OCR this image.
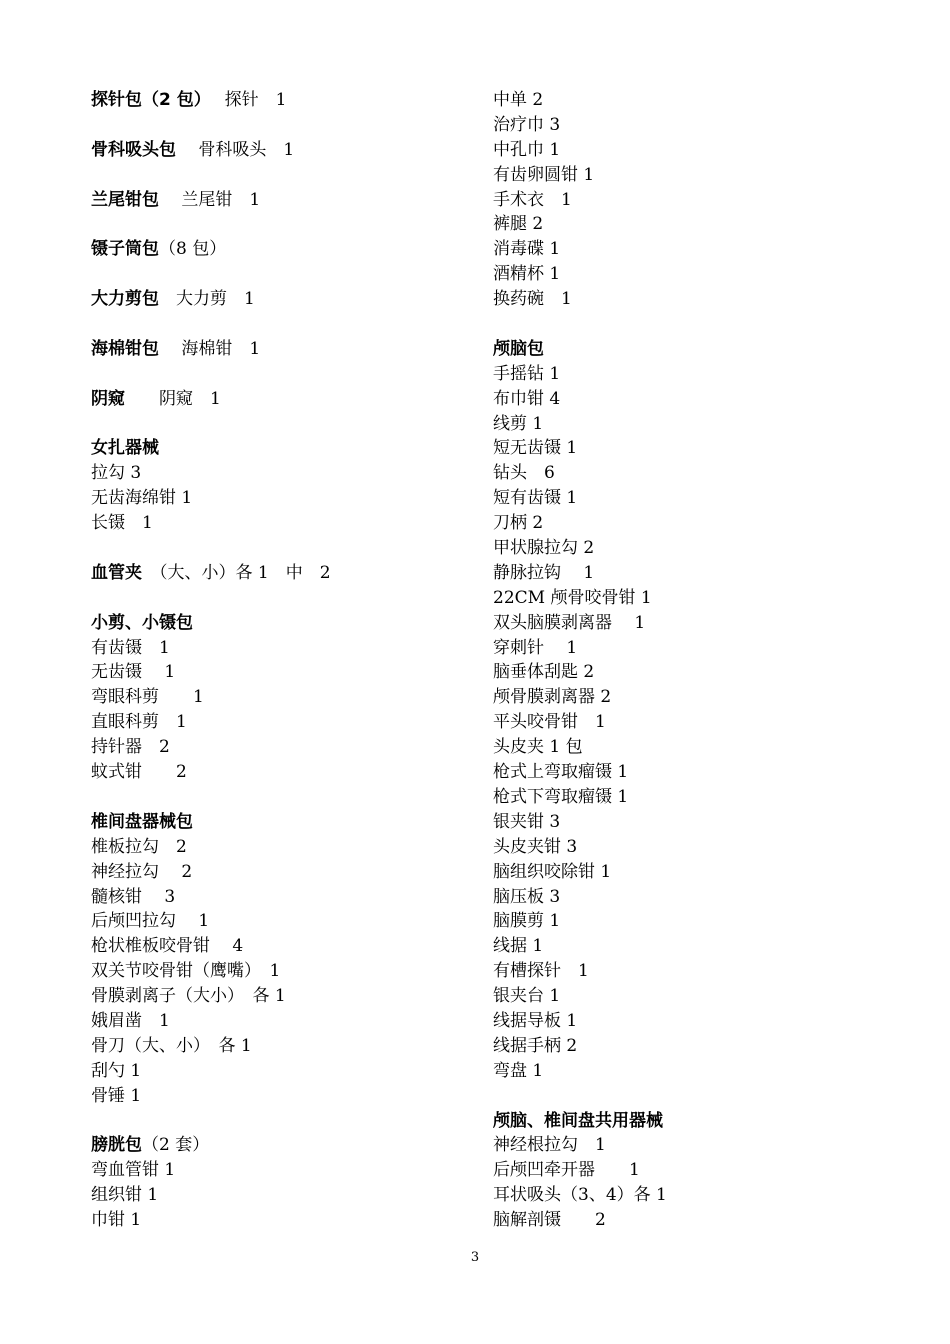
探针包（2 包）　 探针　1
骨科吸头包　 骨科吸头　1
兰尾钳包　 兰尾钳　1
镊子筒包（8 包）
大力剪包　大力剪　1
海棉钳包　 海棉钳　1
阴窥　　阴窥　1
女扎器械
拉勾 3
无齿海绵钳 1
长镊　1
血管夹　（大、小）各 1　中　2
小剪、小镊包
有齿镊　1
无齿镊　 1
弯眼科剪　　1
直眼科剪　1
持针器　2
蚊式钳　　2
椎间盘器械包
椎板拉勾　2
神经拉勾　 2
髓核钳　 3
后颅凹拉勾　 1
枪状椎板咬骨钳　 4
双关节咬骨钳（鹰嘴）　1
骨膜剥离子（大小）　各 1
娥眉凿　1
骨刀（大、小）　各 1
刮勺 1
骨锤 1
膀胱包（2 套）
弯血管钳 1
组织钳 1
巾钳 1
中单 2
治疗巾 3
中孔巾 1
有齿卵圆钳 1
手术衣　1
裤腿 2
消毒碟 1
酒精杯 1
换药碗　1
颅脑包
手摇钻 1
布巾钳 4
线剪 1
短无齿镊 1
钻头　6
短有齿镊 1
刀柄 2
甲状腺拉勾 2
静脉拉钩　 1
22CM 颅骨咬骨钳 1
双头脑膜剥离器　 1
穿刺针　 1
脑垂体刮匙 2
颅骨膜剥离器 2
平头咬骨钳　1
头皮夹 1 包
枪式上弯取瘤镊 1
枪式下弯取瘤镊 1
银夹钳 3
头皮夹钳 3
脑组织咬除钳 1
脑压板 3
脑膜剪 1
线据 1
有槽探针　1
银夹台 1
线据导板 1
线据手柄 2
弯盘 1
颅脑、椎间盘共用器械
神经根拉勾　1
后颅凹牵开器　　1
耳状吸头（3、4）各 1
脑解剖镊　　2
3
